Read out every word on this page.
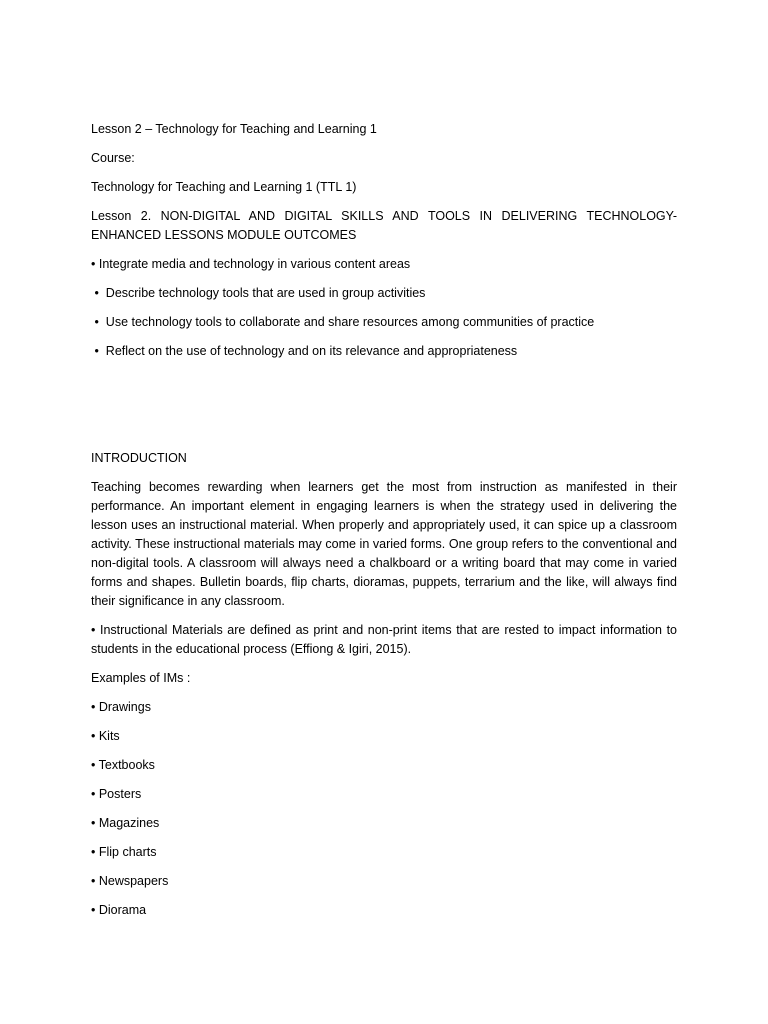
Lesson 2 – Technology for Teaching and Learning 1

Course:

Technology for Teaching and Learning 1 (TTL 1)

Lesson 2. NON-DIGITAL AND DIGITAL SKILLS AND TOOLS IN DELIVERING TECHNOLOGY-ENHANCED LESSONS MODULE OUTCOMES

• Integrate media and technology in various content areas
•  Describe technology tools that are used in group activities
•  Use technology tools to collaborate and share resources among communities of practice
•  Reflect on the use of technology and on its relevance and appropriateness

INTRODUCTION

Teaching becomes rewarding when learners get the most from instruction as manifested in their performance. An important element in engaging learners is when the strategy used in delivering the lesson uses an instructional material. When properly and appropriately used, it can spice up a classroom activity. These instructional materials may come in varied forms. One group refers to the conventional and non-digital tools. A classroom will always need a chalkboard or a writing board that may come in varied forms and shapes. Bulletin boards, flip charts, dioramas, puppets, terrarium and the like, will always find their significance in any classroom.

• Instructional Materials are defined as print and non-print items that are rested to impact information to students in the educational process (Effiong & Igiri, 2015).

Examples of IMs :

• Drawings
• Kits
• Textbooks
• Posters
• Magazines
• Flip charts
• Newspapers
• Diorama
